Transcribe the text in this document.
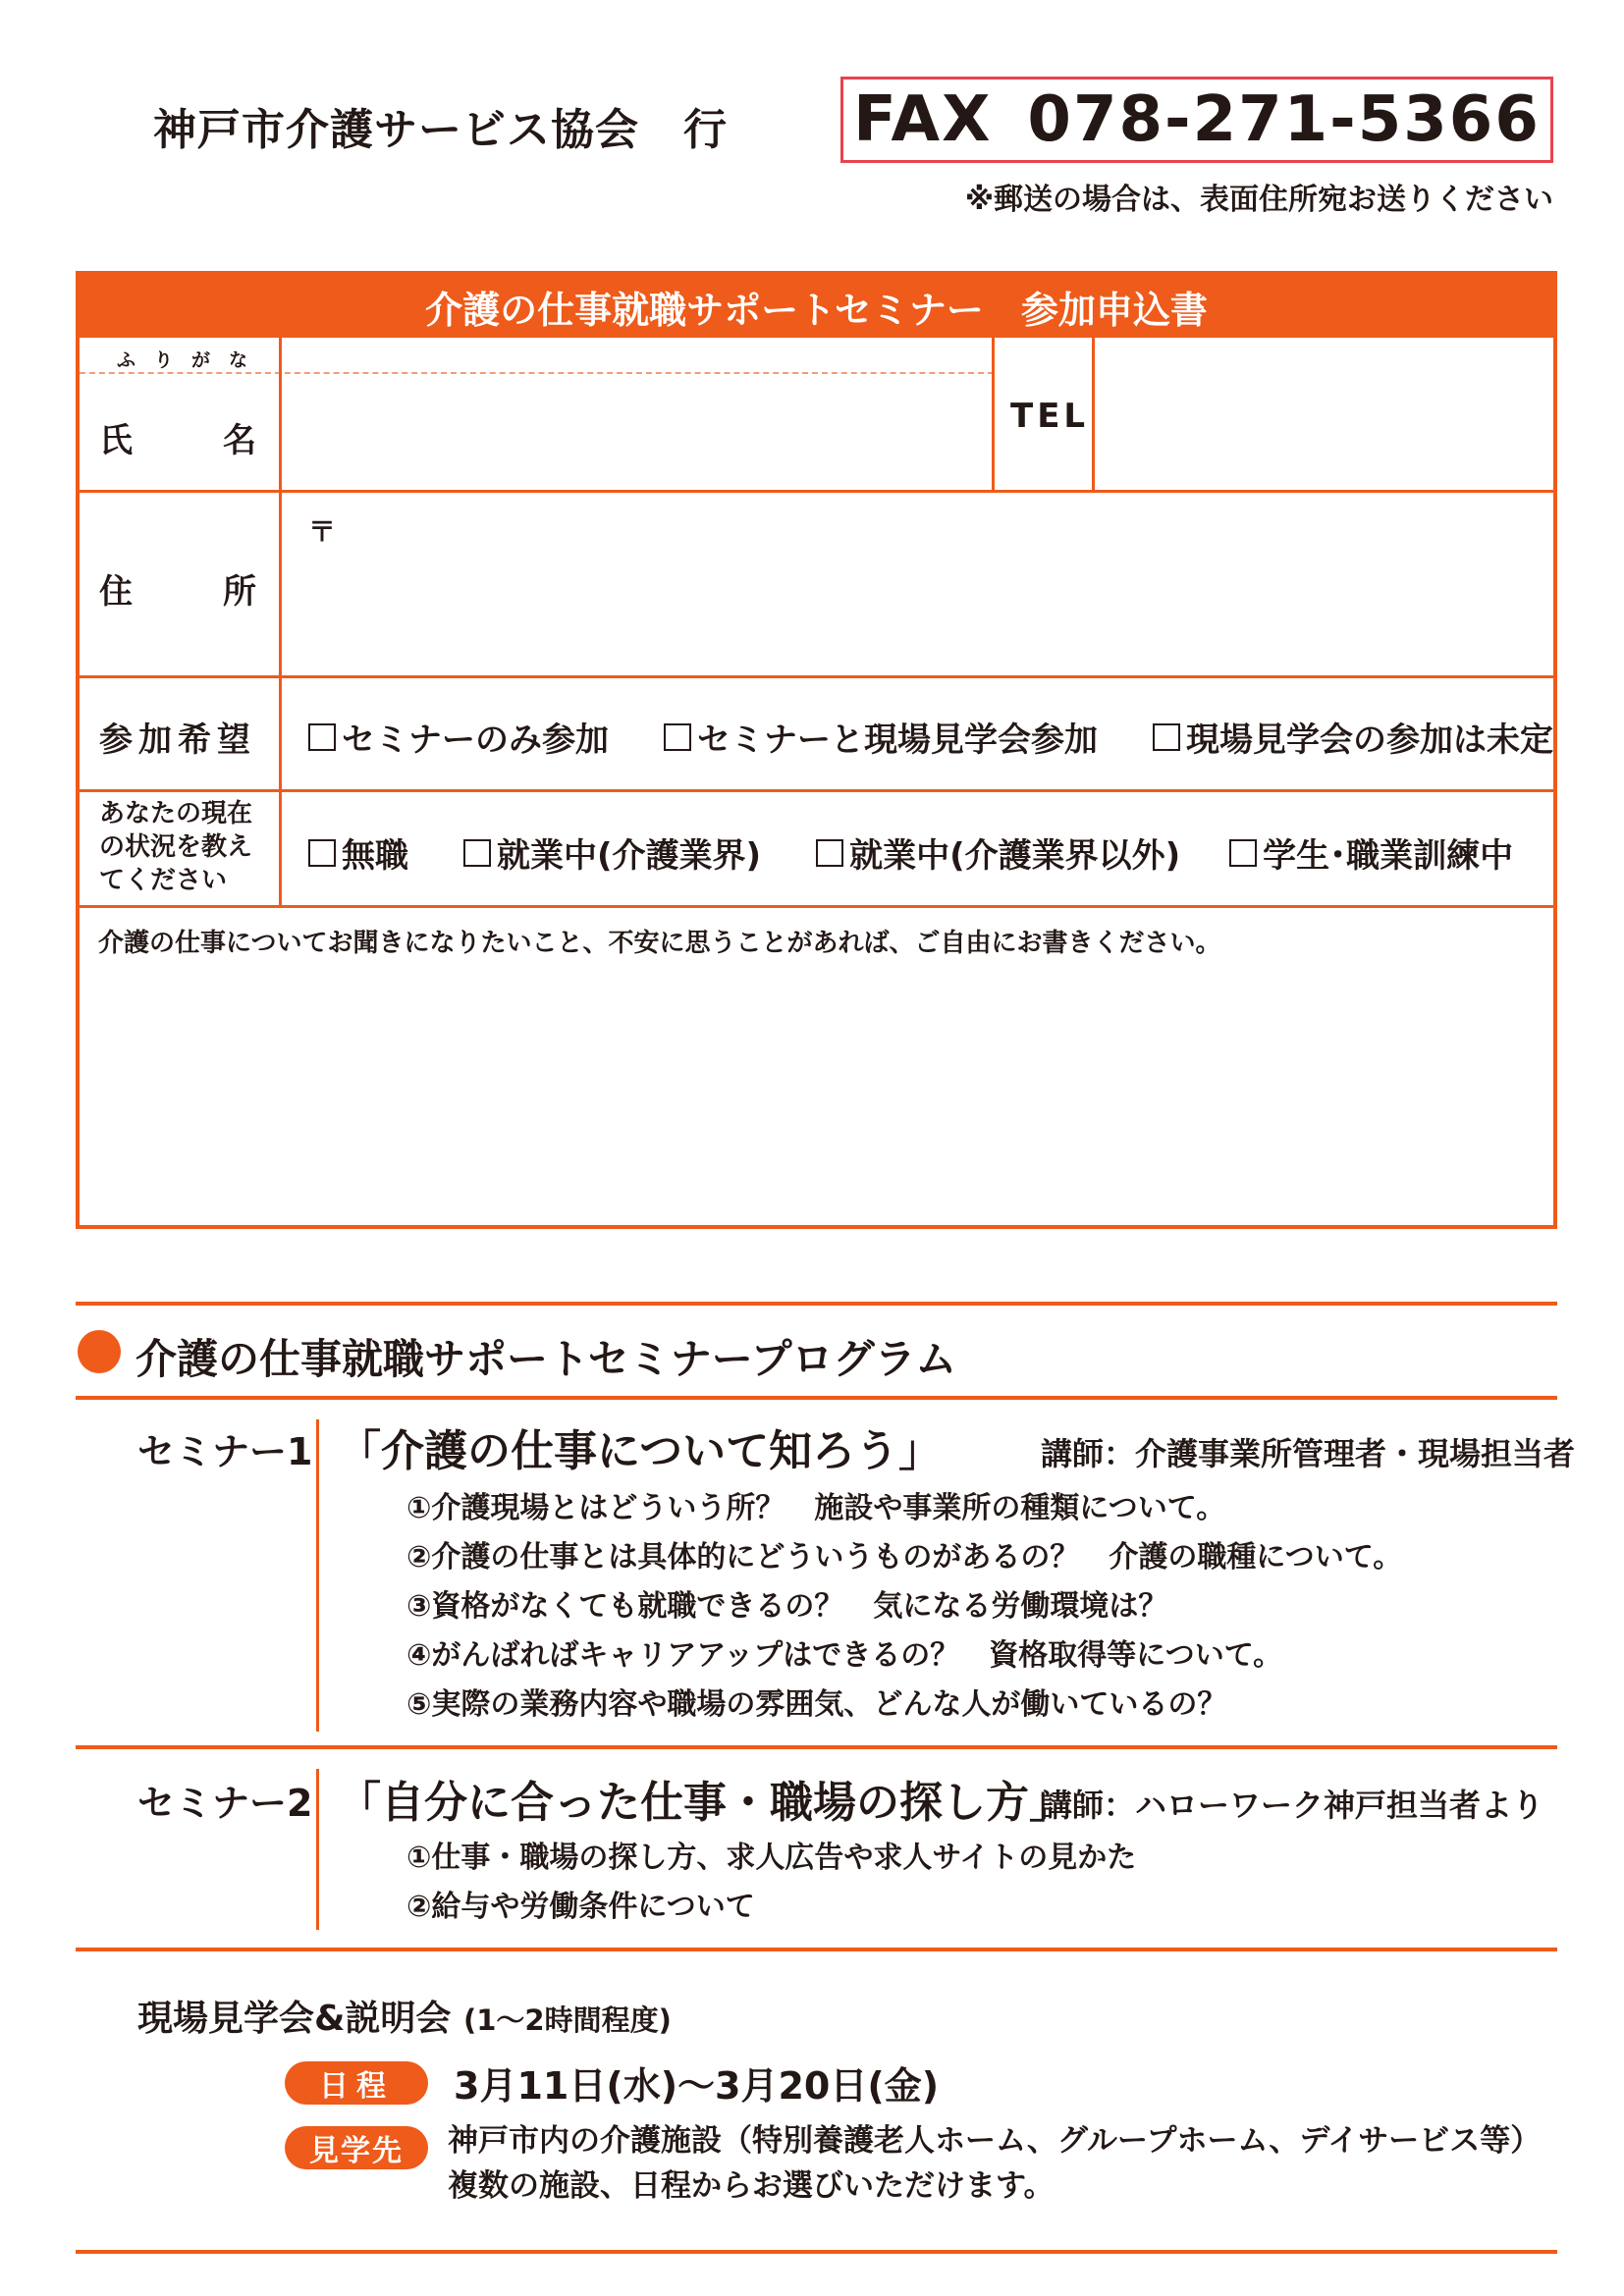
神戸市介護サービス協会　行 FAX 078-271-5366
※郵送の場合は、表面住所宛お送りください
介護の仕事就職サポートセミナー　参加申込書
ふりがな
氏	名
TEL
住	所
〒
参加希望	セミナーのみ参加	セミナーと現場見学会参加	現場見学会の参加は未定
あなたの現在
の状況を教え
てください
無職	就業中(介護業界)	就業中(介護業界以外) 学生･職業訓練中
介護の仕事についてお聞きになりたいこと、不安に思うことがあれば、ご自由にお書きください。
介護の仕事就職サポートセミナープログラム
セミナー1 「介護の仕事について知ろう」	講師：介護事業所管理者・現場担当者
①介護現場とはどういう所？　施設や事業所の種類について。
②介護の仕事とは具体的にどういうものがあるの？　介護の職種について。
③資格がなくても就職できるの？　気になる労働環境は？
④がんばればキャリアアップはできるの？　資格取得等について。
⑤実際の業務内容や職場の雰囲気、どんな人が働いているの？
セミナー2 「自分に合った仕事・職場の探し方」
講師：ハローワーク神戸担当者より
①仕事・職場の探し方、求人広告や求人サイトの見かた
②給与や労働条件について
現場見学会&説明会 (1～2時間程度)
日程	3月11日(水)～3月20日(金)
見学先	神戸市内の介護施設（特別養護老人ホーム、グループホーム、デイサービス等）
複数の施設、日程からお選びいただけます。
